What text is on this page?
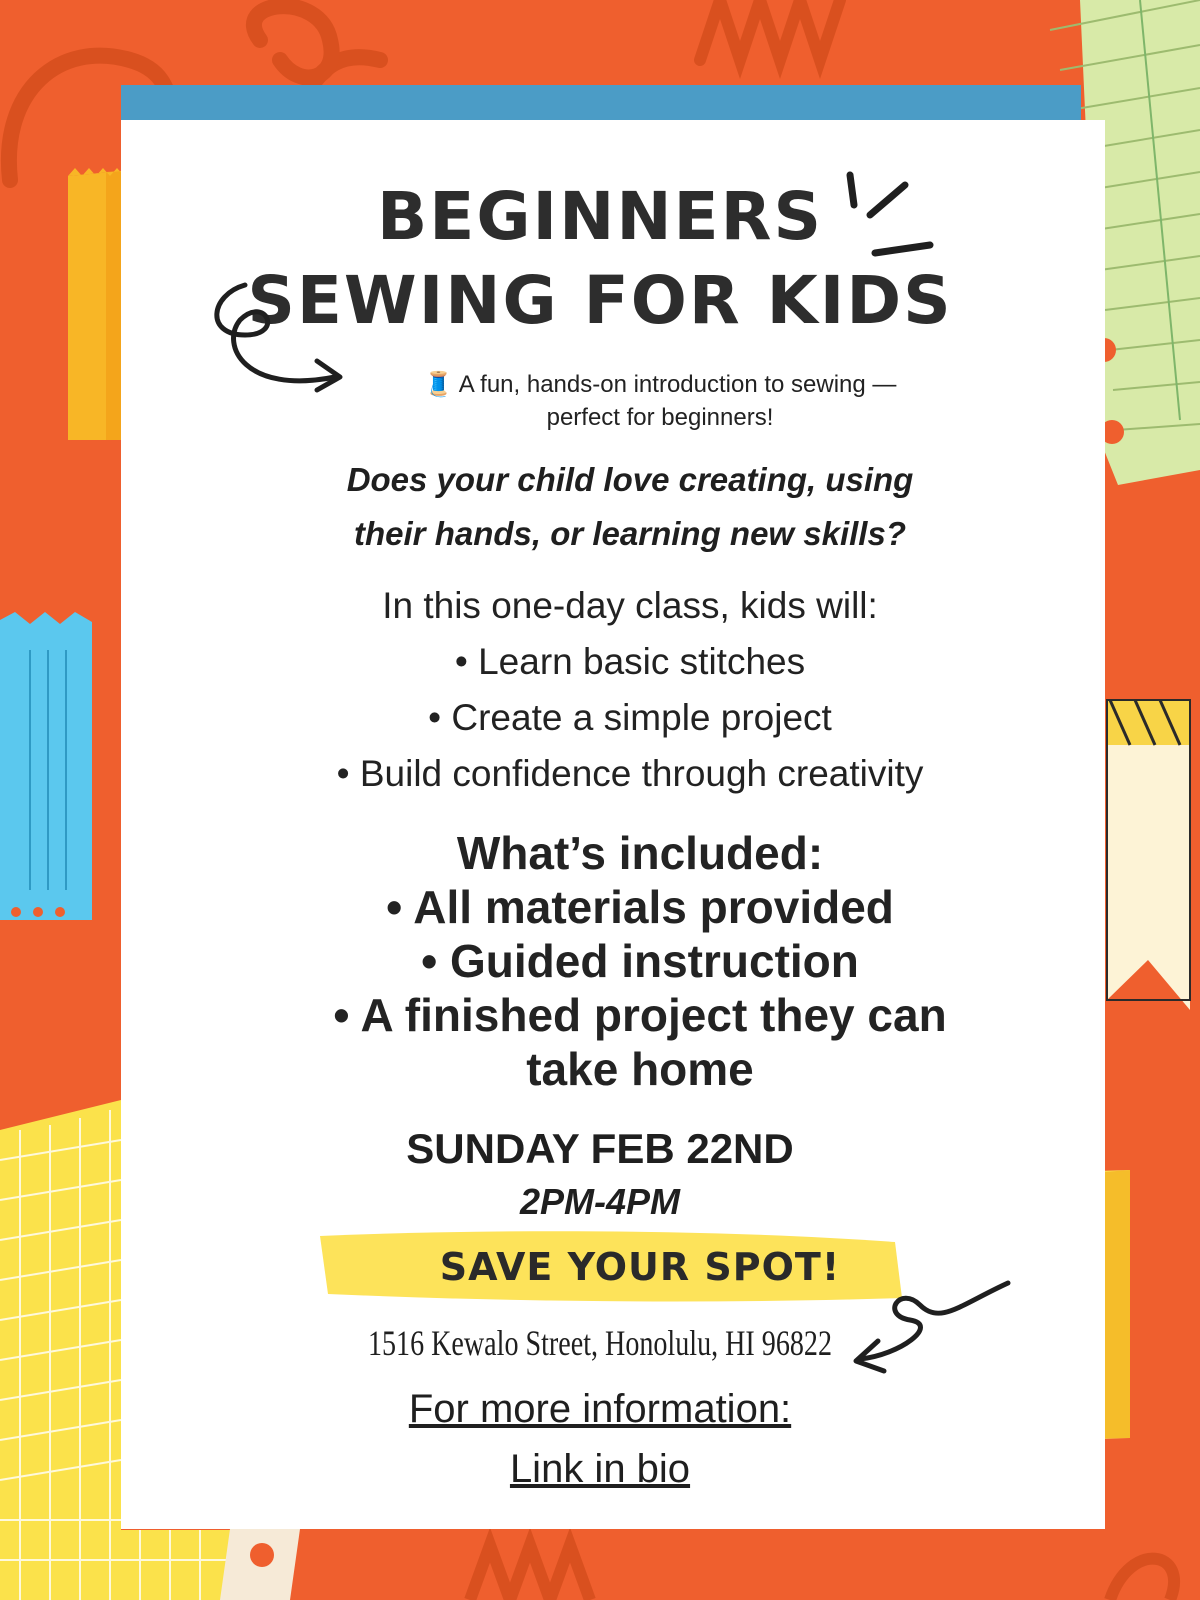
BEGINNERS
SEWING FOR KIDS
🧵 A fun, hands-on introduction to sewing —
perfect for beginners!
Does your child love creating, using
their hands, or learning new skills?
In this one-day class, kids will:
• Learn basic stitches
• Create a simple project
• Build confidence through creativity
What’s included:
• All materials provided
• Guided instruction
• A finished project they can
take home
SUNDAY FEB 22ND
2PM-4PM
SAVE YOUR SPOT!
1516 Kewalo Street, Honolulu, HI 96822
For more information:
Link in bio
